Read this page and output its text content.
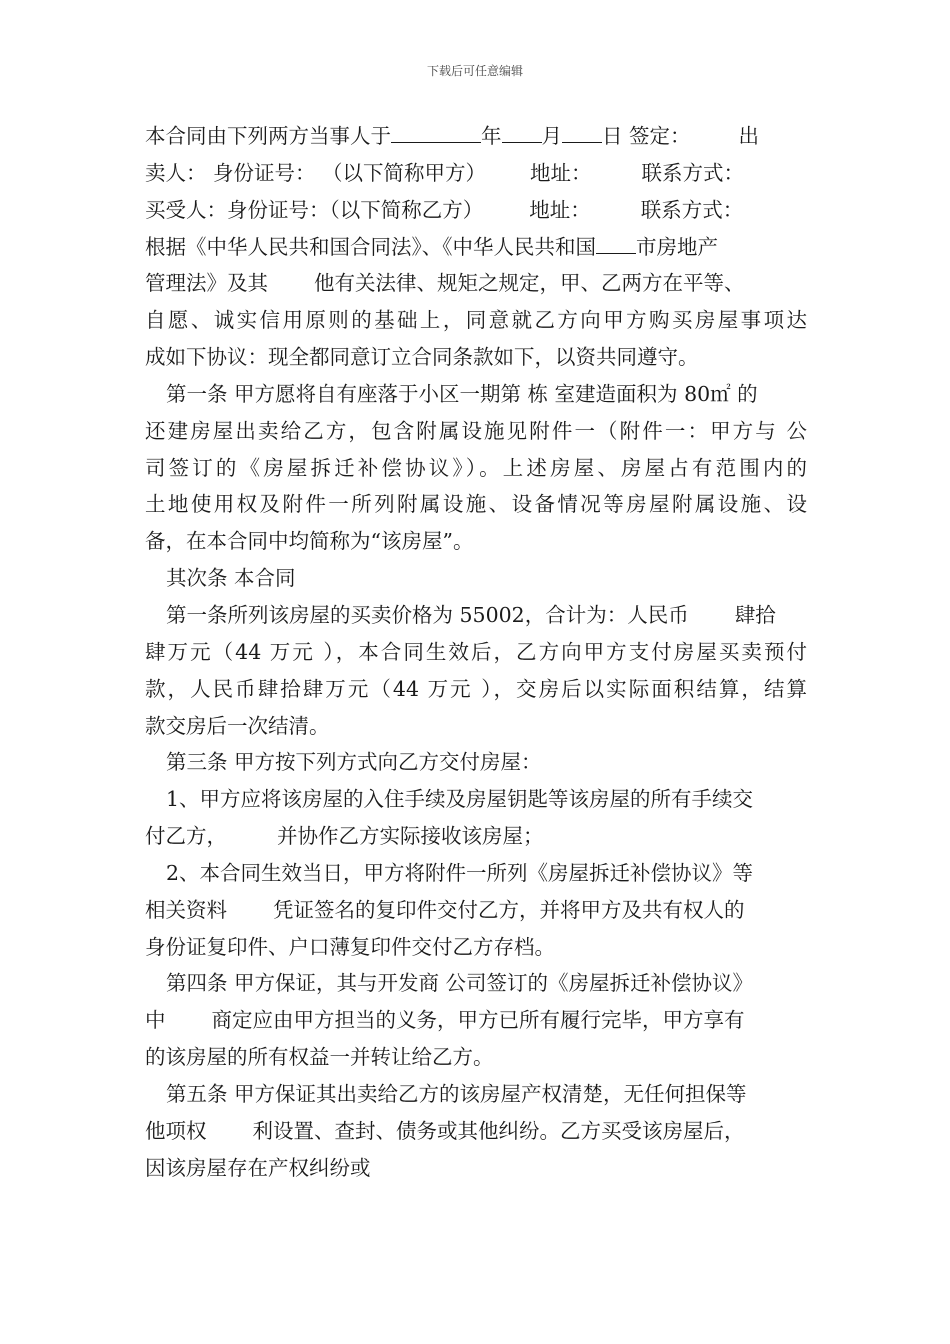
下载后可任意编辑
本合同由下列两方当事人于	年 月 日 签定： 出
卖人： 身份证号： （以下简称甲方） 地址： 联系方式：
买受人：身份证号：（以下简称乙方） 地址： 联系方式：
根据《中华人民共和国合同法》、《中华人民共和国 市房地产
管理法》及其 他有关法律、规矩之规定，甲、乙两方在平等、
自愿、诚实信用原则的基础上，同意就乙方向甲方购买房屋事项达
成如下协议：现全都同意订立合同条款如下，以资共同遵守。
第一条 甲方愿将自有座落于小区一期第 栋 室建造面积为 80㎡ 的
还建房屋出卖给乙方，包含附属设施见附件一（附件一：甲方与 公
司签订的《房屋拆迁补偿协议》）。上述房屋、房屋占有范围内的
土地使用权及附件一所列附属设施、设备情况等房屋附属设施、设
备，在本合同中均简称为“该房屋”。
其次条 本合同
第一条所列该房屋的买卖价格为 55002，合计为：人民币 肆拾
肆万元（44 万元 ），本合同生效后，乙方向甲方支付房屋买卖预付
款，人民币肆拾肆万元（44 万元 ），交房后以实际面积结算，结算
款交房后一次结清。
第三条 甲方按下列方式向乙方交付房屋：
1、甲方应将该房屋的入住手续及房屋钥匙等该房屋的所有手续交
付乙方， 并协作乙方实际接收该房屋；
2、本合同生效当日，甲方将附件一所列《房屋拆迁补偿协议》等
相关资料 凭证签名的复印件交付乙方，并将甲方及共有权人的
身份证复印件、户口薄复印件交付乙方存档。
第四条 甲方保证，其与开发商 公司签订的《房屋拆迁补偿协议》
中 商定应由甲方担当的义务，甲方已所有履行完毕，甲方享有
的该房屋的所有权益一并转让给乙方。
第五条 甲方保证其出卖给乙方的该房屋产权清楚，无任何担保等
他项权 利设置、查封、债务或其他纠纷。乙方买受该房屋后，
因该房屋存在产权纠纷或
